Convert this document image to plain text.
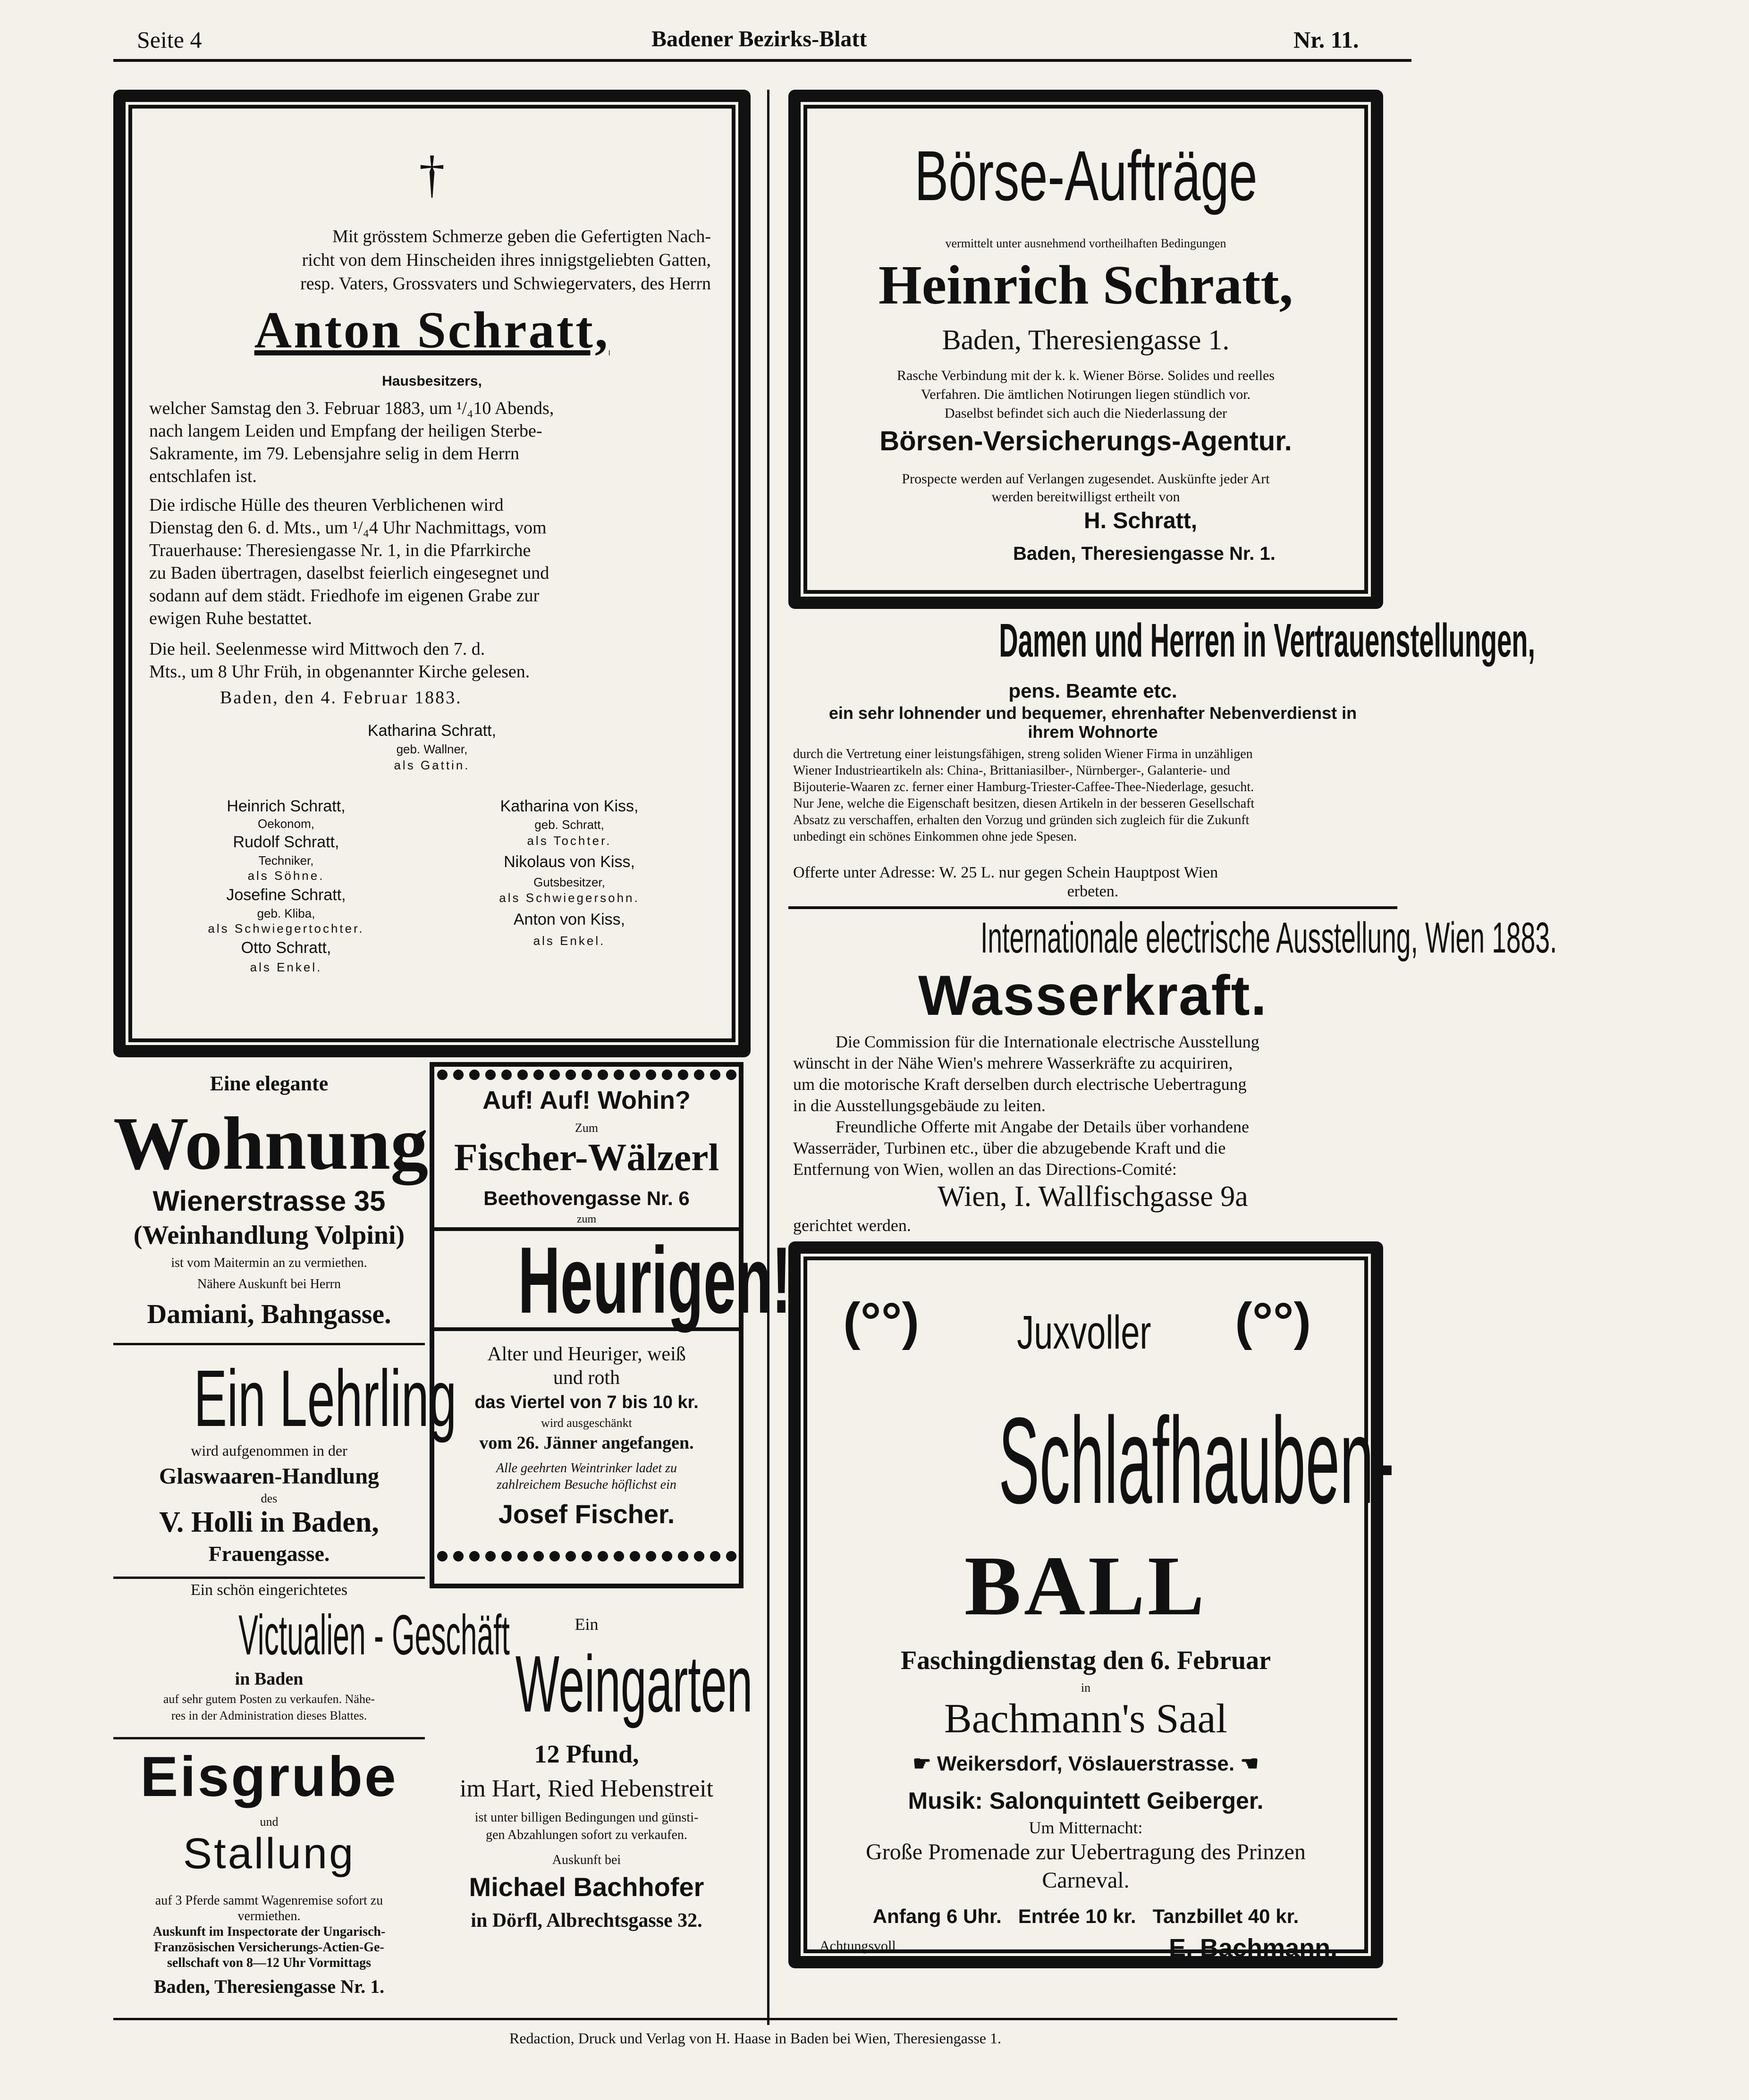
Seite 4	Badener Bezirks-Blatt	Nr. 11.
†
Mit grösstem Schmerze geben die Gefertigten Nach-
richt von dem Hinscheiden ihres innigstgeliebten Gatten,
resp. Vaters, Grossvaters und Schwiegervaters, des Herrn
Anton Schratt,
Hausbesitzers,
welcher Samstag den 3. Februar 1883, um ¹/₄10 Abends,
nach langem Leiden und Empfang der heiligen Sterbe-
Sakramente, im 79. Lebensjahre selig in dem Herrn
entschlafen ist.
Die irdische Hülle des theuren Verblichenen wird
Dienstag den 6. d. Mts., um ¹/₄4 Uhr Nachmittags, vom
Trauerhause: Theresiengasse Nr. 1, in die Pfarrkirche
zu Baden übertragen, daselbst feierlich eingesegnet und
sodann auf dem städt. Friedhofe im eigenen Grabe zur
ewigen Ruhe bestattet.
Die heil. Seelenmesse wird Mittwoch den 7. d.
Mts., um 8 Uhr Früh, in obgenannter Kirche gelesen.
Baden, den 4. Februar 1883.
Katharina Schratt,
geb. Wallner,
als Gattin.
Heinrich Schratt,
Oekonom,
Rudolf Schratt,
Techniker,
als Söhne.
Josefine Schratt,
geb. Kliba,
als Schwiegertochter.
Otto Schratt,
als Enkel.
Katharina von Kiss,
geb. Schratt,
als Tochter.
Nikolaus von Kiss,
Gutsbesitzer,
als Schwiegersohn.
Anton von Kiss,
als Enkel.
Börse-Aufträge
vermittelt unter ausnehmend vortheilhaften Bedingungen
Heinrich Schratt,
Baden, Theresiengasse 1.
Rasche Verbindung mit der k. k. Wiener Börse. Solides und reelles
Verfahren. Die ämtlichen Notirungen liegen stündlich vor.
Daselbst befindet sich auch die Niederlassung der
Börsen-Versicherungs-Agentur.
Prospecte werden auf Verlangen zugesendet. Auskünfte jeder Art
werden bereitwilligst ertheilt von
H. Schratt,
Baden, Theresiengasse Nr. 1.
Damen und Herren in Vertrauenstellungen,
pens. Beamte etc.
ein sehr lohnender und bequemer, ehrenhafter Nebenverdienst in
ihrem Wohnorte
durch die Vertretung einer leistungsfähigen, streng soliden Wiener Firma in unzähligen
Wiener Industrieartikeln als: China-, Brittaniasilber-, Nürnberger-, Galanterie- und
Bijouterie-Waaren zc. ferner einer Hamburg-Triester-Caffee-Thee-Niederlage, gesucht.
Nur Jene, welche die Eigenschaft besitzen, diesen Artikeln in der besseren Gesellschaft
Absatz zu verschaffen, erhalten den Vorzug und gründen sich zugleich für die Zukunft
unbedingt ein schönes Einkommen ohne jede Spesen.
Offerte unter Adresse: W. 25 L. nur gegen Schein Hauptpost Wien
erbeten.
Internationale electrische Ausstellung, Wien 1883.
Wasserkraft.
Die Commission für die Internationale electrische Ausstellung
wünscht in der Nähe Wien's mehrere Wasserkräfte zu acquiriren,
um die motorische Kraft derselben durch electrische Uebertragung
in die Ausstellungsgebäude zu leiten.
Freundliche Offerte mit Angabe der Details über vorhandene
Wasserräder, Turbinen etc., über die abzugebende Kraft und die
Entfernung von Wien, wollen an das Directions-Comité:
Wien, I. Wallfischgasse 9a
gerichtet werden.
(°°)	Juxvoller	(°°)
Schlafhauben-
BALL
Faschingdienstag den 6. Februar
in
Bachmann's Saal
☛ Weikersdorf, Vöslauerstrasse. ☚
Musik: Salonquintett Geiberger.
Um Mitternacht:
Große Promenade zur Uebertragung des Prinzen
Carneval.
Anfang 6 Uhr.   Entrée 10 kr.   Tanzbillet 40 kr.
Achtungsvoll	E. Bachmann.
Eine elegante
Wohnung
Wienerstrasse 35
(Weinhandlung Volpini)
ist vom Maitermin an zu vermiethen.
Nähere Auskunft bei Herrn
Damiani, Bahngasse.
Ein Lehrling
wird aufgenommen in der
Glaswaaren-Handlung
des
V. Holli in Baden,
Frauengasse.
Ein schön eingerichtetes
Victualien - Geschäft
in Baden
auf sehr gutem Posten zu verkaufen. Nähe-
res in der Administration dieses Blattes.
Eisgrube
und
Stallung
auf 3 Pferde sammt Wagenremise sofort zu
vermiethen.
Auskunft im Inspectorate der Ungarisch-
Französischen Versicherungs-Actien-Ge-
sellschaft von 8—12 Uhr Vormittags
Baden, Theresiengasse Nr. 1.
Auf! Auf! Wohin?
Zum
Fischer-Wälzerl
Beethovengasse Nr. 6
zum
Heurigen!
Alter und Heuriger, weiß
und roth
das Viertel von 7 bis 10 kr.
wird ausgeschänkt
vom 26. Jänner angefangen.
Alle geehrten Weintrinker ladet zu
zahlreichem Besuche höflichst ein
Josef Fischer.
Ein
Weingarten
12 Pfund,
im Hart, Ried Hebenstreit
ist unter billigen Bedingungen und günsti-
gen Abzahlungen sofort zu verkaufen.
Auskunft bei
Michael Bachhofer
in Dörfl, Albrechtsgasse 32.
Redaction, Druck und Verlag von H. Haase in Baden bei Wien, Theresiengasse 1.
